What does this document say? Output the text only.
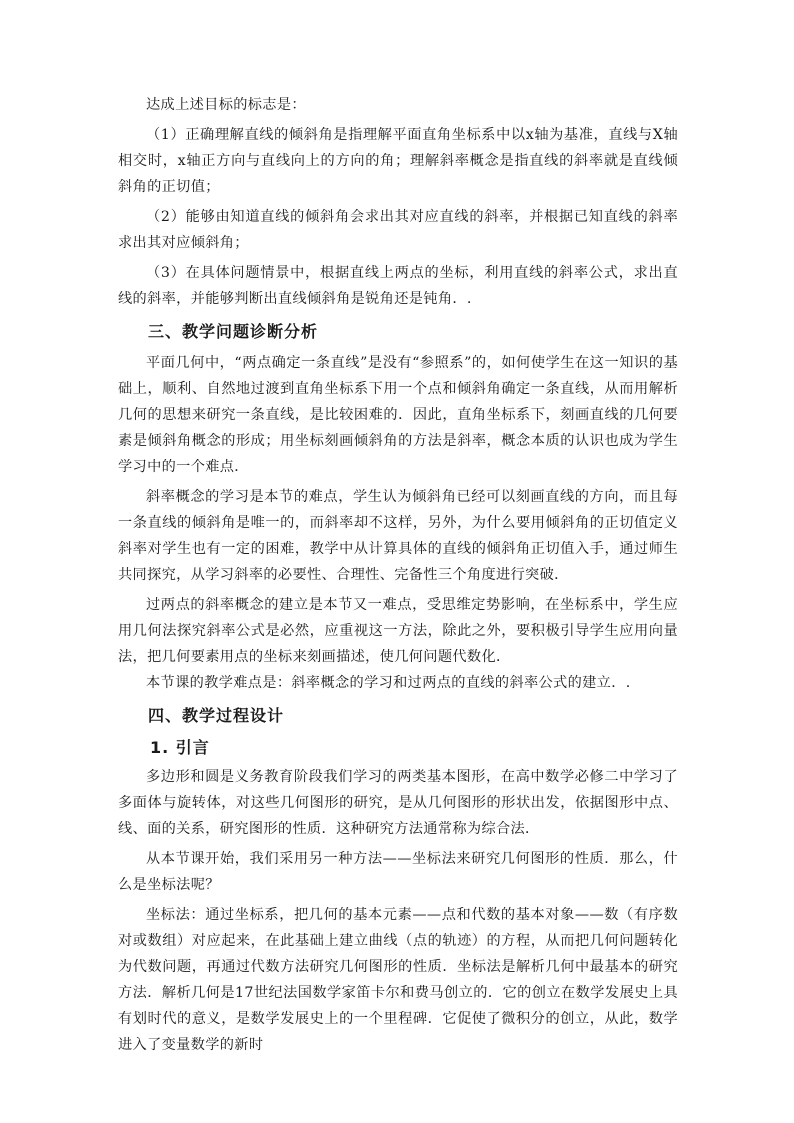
达成上述目标的标志是：

（1）正确理解直线的倾斜角是指理解平面直角坐标系中以x轴为基准，直线与X轴相交时，x轴正方向与直线向上的方向的角；理解斜率概念是指直线的斜率就是直线倾斜角的正切值；

（2）能够由知道直线的倾斜角会求出其对应直线的斜率，并根据已知直线的斜率求出其对应倾斜角；

（3）在具体问题情景中，根据直线上两点的坐标，利用直线的斜率公式，求出直线的斜率，并能够判断出直线倾斜角是锐角还是钝角．.

三、教学问题诊断分析

平面几何中，“两点确定一条直线”是没有“参照系”的，如何使学生在这一知识的基础上，顺利、自然地过渡到直角坐标系下用一个点和倾斜角确定一条直线，从而用解析几何的思想来研究一条直线，是比较困难的．因此，直角坐标系下，刻画直线的几何要素是倾斜角概念的形成；用坐标刻画倾斜角的方法是斜率，概念本质的认识也成为学生学习中的一个难点．

斜率概念的学习是本节的难点，学生认为倾斜角已经可以刻画直线的方向，而且每一条直线的倾斜角是唯一的，而斜率却不这样，另外，为什么要用倾斜角的正切值定义斜率对学生也有一定的困难，教学中从计算具体的直线的倾斜角正切值入手，通过师生共同探究，从学习斜率的必要性、合理性、完备性三个角度进行突破．

过两点的斜率概念的建立是本节又一难点，受思维定势影响，在坐标系中，学生应用几何法探究斜率公式是必然，应重视这一方法，除此之外，要积极引导学生应用向量法，把几何要素用点的坐标来刻画描述，使几何问题代数化．

本节课的教学难点是：斜率概念的学习和过两点的直线的斜率公式的建立．.

四、教学过程设计
1. 引言

多边形和圆是义务教育阶段我们学习的两类基本图形，在高中数学必修二中学习了多面体与旋转体，对这些几何图形的研究，是从几何图形的形状出发，依据图形中点、线、面的关系，研究图形的性质．这种研究方法通常称为综合法．

从本节课开始，我们采用另一种方法——坐标法来研究几何图形的性质．那么，什么是坐标法呢？

坐标法：通过坐标系，把几何的基本元素——点和代数的基本对象——数（有序数对或数组）对应起来，在此基础上建立曲线（点的轨迹）的方程，从而把几何问题转化为代数问题，再通过代数方法研究几何图形的性质．坐标法是解析几何中最基本的研究方法．解析几何是17世纪法国数学家笛卡尔和费马创立的．它的创立在数学发展史上具有划时代的意义，是数学发展史上的一个里程碑．它促使了微积分的创立，从此，数学进入了变量数学的新时
